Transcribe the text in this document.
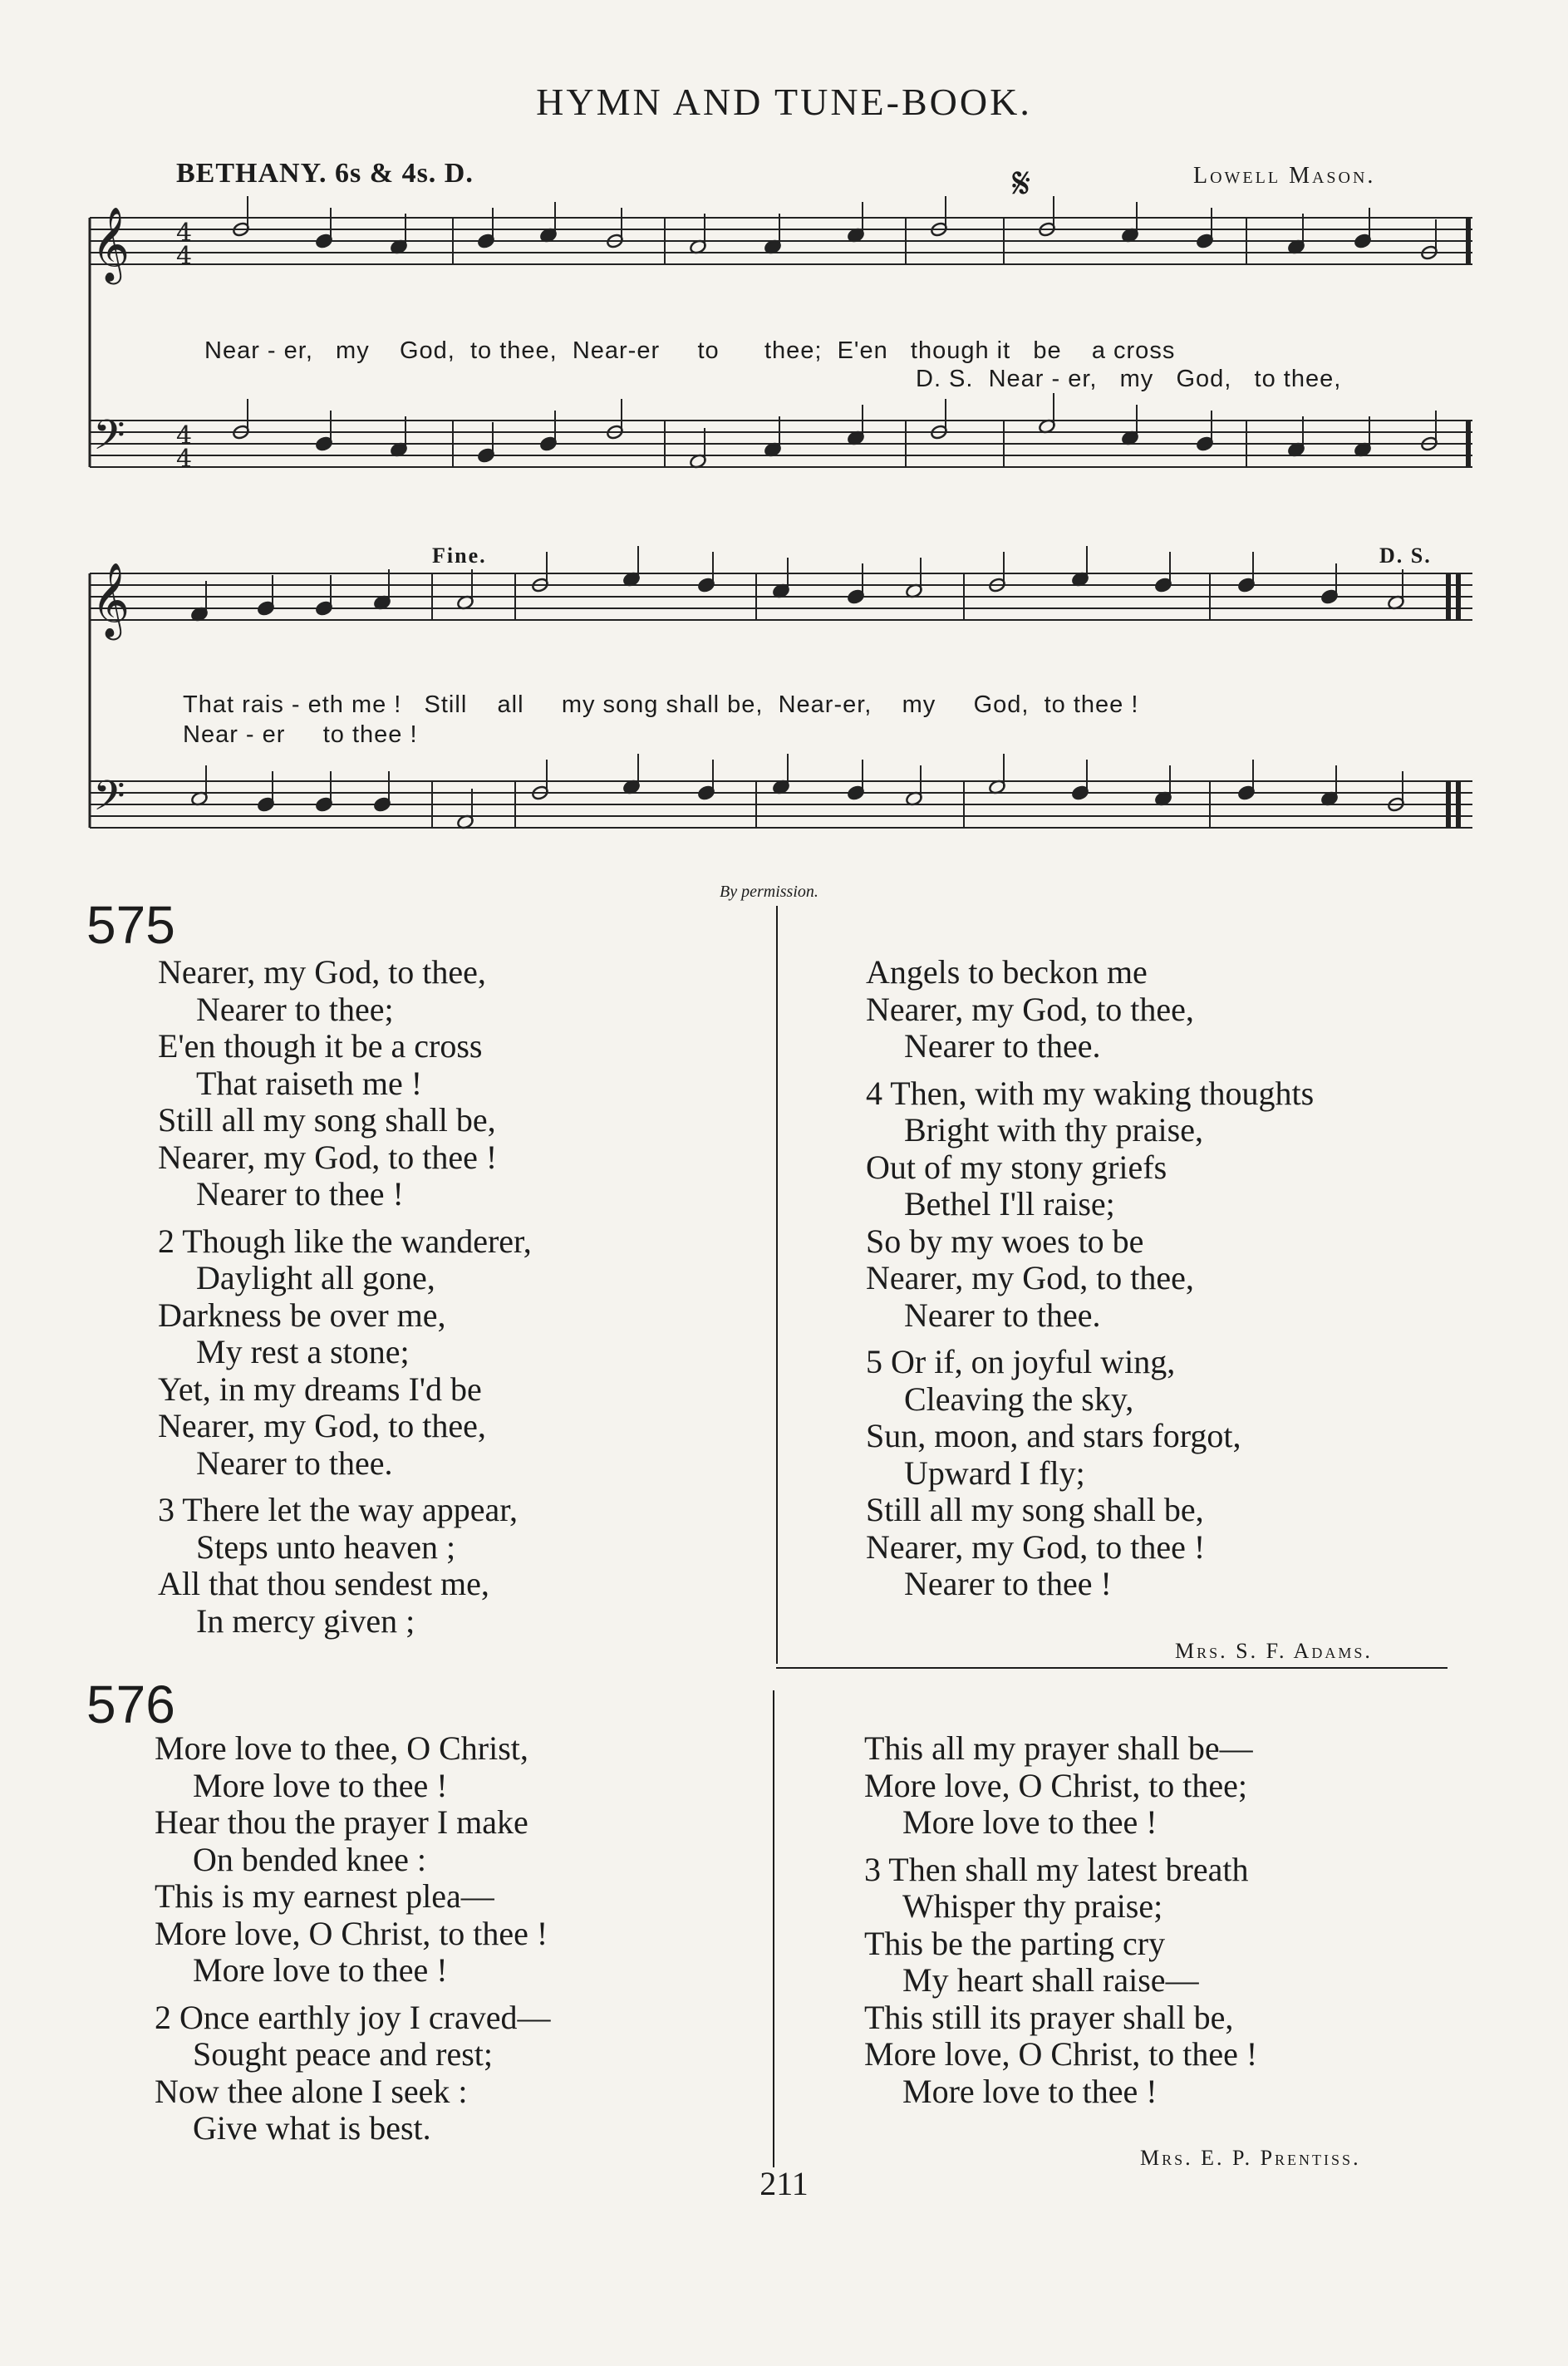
HYMN AND TUNE-BOOK.
BETHANY. 6s & 4s. D.	𝄋	Lowell Mason.
𝄞
𝄢
4
4
4
4
𝄞
𝄢
Near - er, my God, to thee, Near-er to thee; E'en though it be a cross
D. S. Near - er, my God, to thee,
Fine.	D. S.
That rais - eth me ! Still all my song shall be, Near-er, my God, to thee !
Near - er to thee !
By permission.
575
Nearer, my God, to thee,
Nearer to thee;
E'en though it be a cross
That raiseth me !
Still all my song shall be,
Nearer, my God, to thee !
Nearer to thee !
2 Though like the wanderer,
Daylight all gone,
Darkness be over me,
My rest a stone;
Yet, in my dreams I'd be
Nearer, my God, to thee,
Nearer to thee.
3 There let the way appear,
Steps unto heaven ;
All that thou sendest me,
In mercy given ;
Angels to beckon me
Nearer, my God, to thee,
Nearer to thee.
4 Then, with my waking thoughts
Bright with thy praise,
Out of my stony griefs
Bethel I'll raise;
So by my woes to be
Nearer, my God, to thee,
Nearer to thee.
5 Or if, on joyful wing,
Cleaving the sky,
Sun, moon, and stars forgot,
Upward I fly;
Still all my song shall be,
Nearer, my God, to thee !
Nearer to thee !
Mrs. S. F. Adams.
576
More love to thee, O Christ,
More love to thee !
Hear thou the prayer I make
On bended knee :
This is my earnest plea—
More love, O Christ, to thee !
More love to thee !
2 Once earthly joy I craved—
Sought peace and rest;
Now thee alone I seek :
Give what is best.
This all my prayer shall be—
More love, O Christ, to thee;
More love to thee !
3 Then shall my latest breath
Whisper thy praise;
This be the parting cry
My heart shall raise—
This still its prayer shall be,
More love, O Christ, to thee !
More love to thee !
Mrs. E. P. Prentiss.
211
